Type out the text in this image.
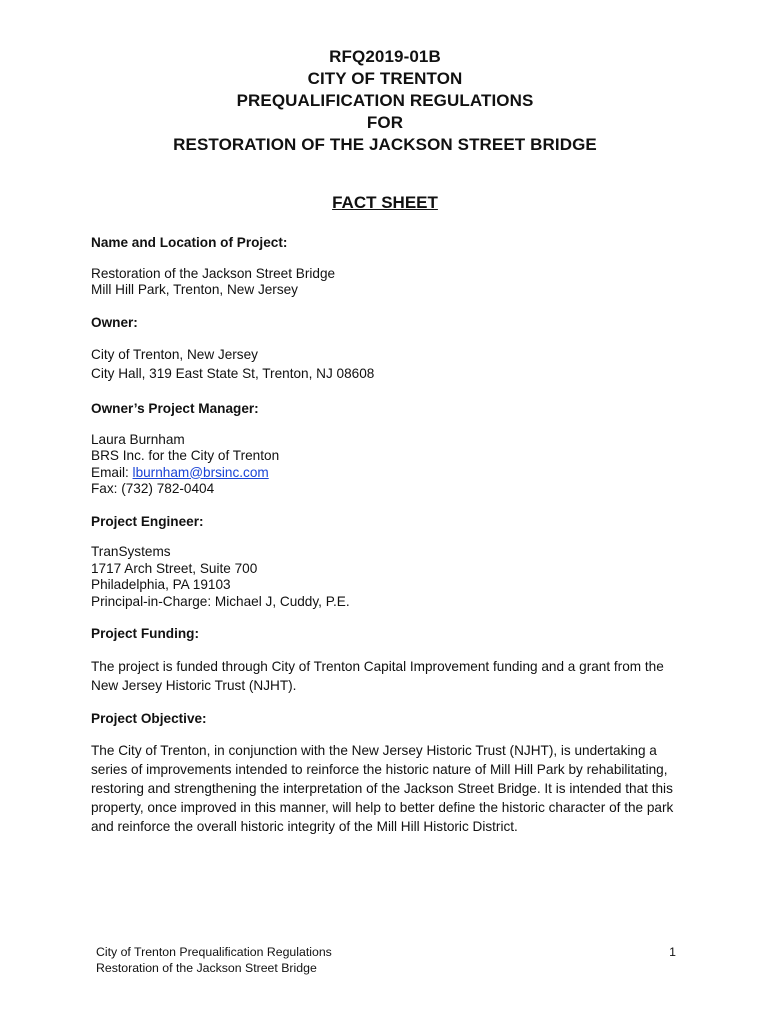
RFQ2019-01B
CITY OF TRENTON
PREQUALIFICATION REGULATIONS
FOR
RESTORATION OF THE JACKSON STREET BRIDGE
FACT SHEET
Name and Location of Project:
Restoration of the Jackson Street Bridge
Mill Hill Park, Trenton, New Jersey
Owner:
City of Trenton, New Jersey
City Hall, 319 East State St, Trenton, NJ 08608
Owner’s Project Manager:
Laura Burnham
BRS Inc. for the City of Trenton
Email: lburnham@brsinc.com
Fax: (732) 782-0404
Project Engineer:
TranSystems
1717 Arch Street, Suite 700
Philadelphia, PA 19103
Principal-in-Charge: Michael J, Cuddy, P.E.
Project Funding:
The project is funded through City of Trenton Capital Improvement funding and a grant from the New Jersey Historic Trust (NJHT).
Project Objective:
The City of Trenton, in conjunction with the New Jersey Historic Trust (NJHT), is undertaking a series of improvements intended to reinforce the historic nature of Mill Hill Park by rehabilitating, restoring and strengthening the interpretation of the Jackson Street Bridge. It is intended that this property, once improved in this manner, will help to better define the historic character of the park and reinforce the overall historic integrity of the Mill Hill Historic District.
City of Trenton Prequalification Regulations
Restoration of the Jackson Street Bridge
1
